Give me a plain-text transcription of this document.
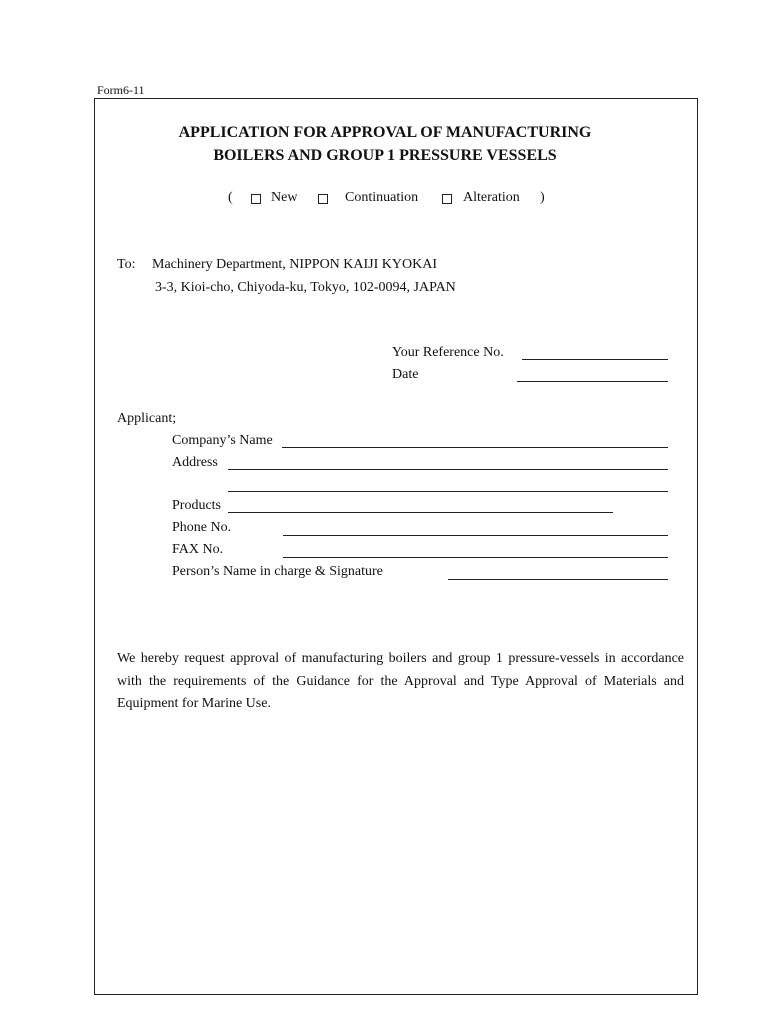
Form6-11
APPLICATION FOR APPROVAL OF MANUFACTURING
BOILERS AND GROUP 1 PRESSURE VESSELS
(	New	Continuation	Alteration )
To: Machinery Department, NIPPON KAIJI KYOKAI
3-3, Kioi-cho, Chiyoda-ku, Tokyo, 102-0094, JAPAN
Your Reference No.
Date
Applicant;
Company’s Name
Address
Products
Phone No.
FAX No.
Person’s Name in charge & Signature
We hereby request approval of manufacturing boilers and group 1 pressure-vessels in accordance with the requirements of the Guidance for the Approval and Type Approval of Materials and Equipment for Marine Use.
